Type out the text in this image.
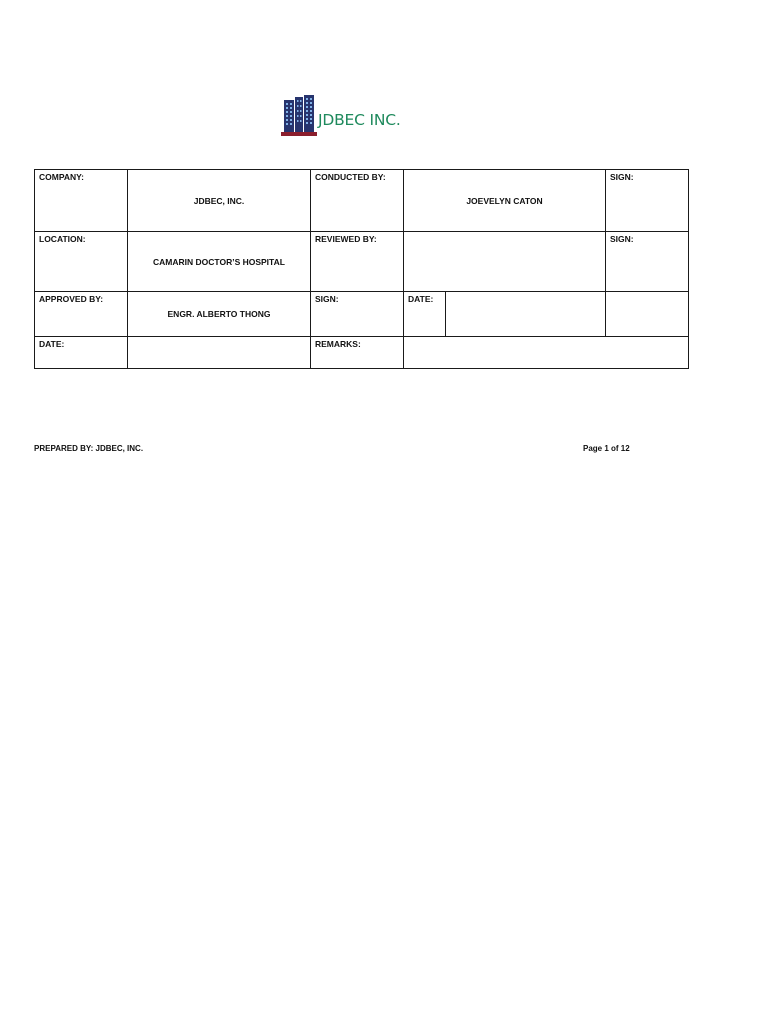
JDBEC INC.
COMPANY:	JDBEC, INC.	CONDUCTED BY:	JOEVELYN CATON		SIGN:
LOCATION:	CAMARIN DOCTOR’S HOSPITAL	REVIEWED BY:			SIGN:
APPROVED BY:	ENGR. ALBERTO THONG	SIGN:	DATE:		
DATE:		REMARKS:			
PREPARED BY: JDBEC, INC.	Page 1 of 12
